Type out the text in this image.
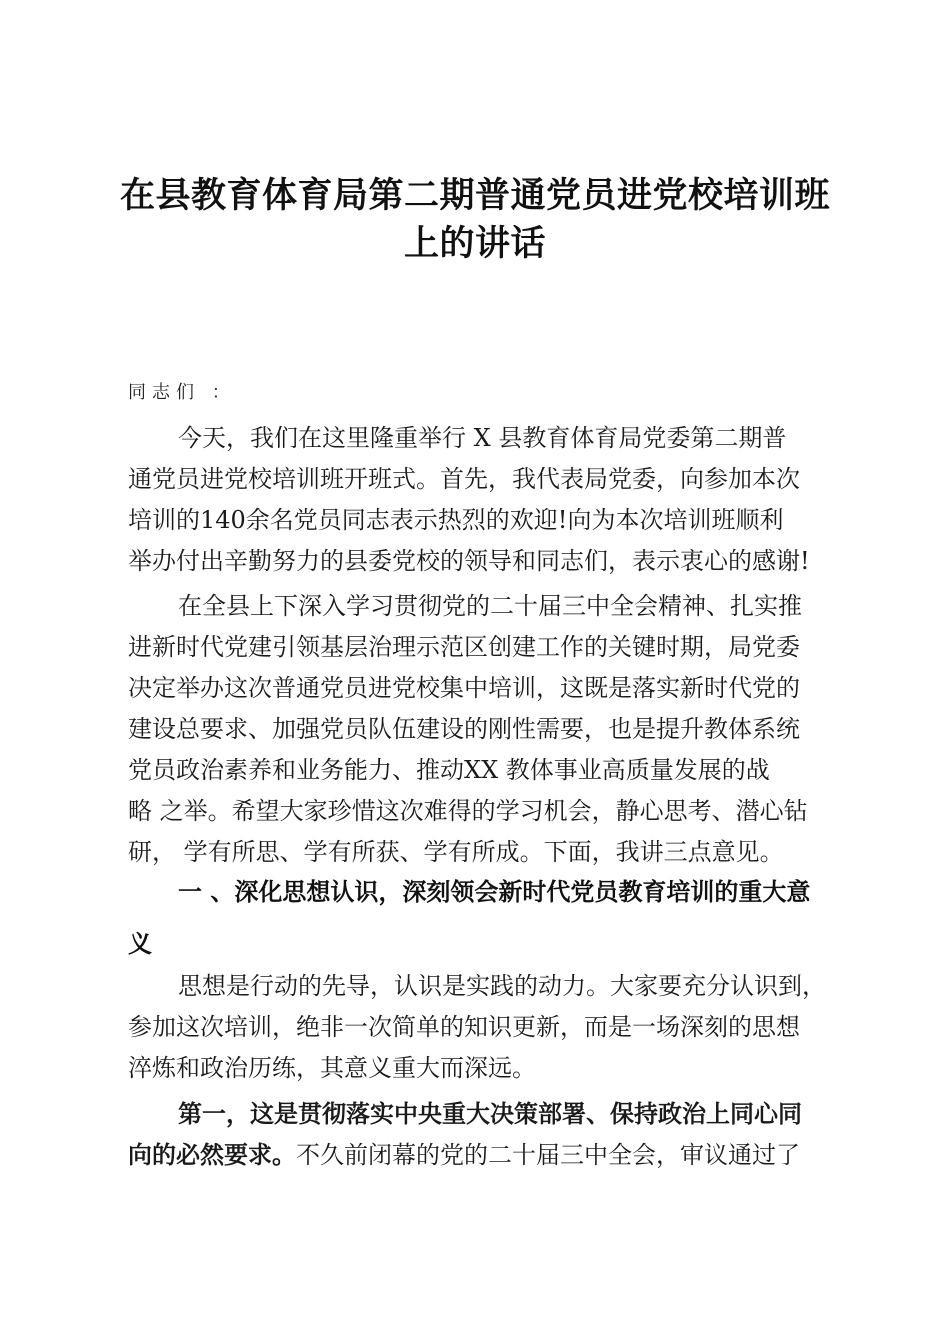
在县教育体育局第二期普通党员进党校培训班
上的讲话
同志们 ：
今天，我们在这里隆重举行 X 县教育体育局党委第二期普
通党员进党校培训班开班式。首先，我代表局党委，向参加本次
培训的140余名党员同志表示热烈的欢迎!向为本次培训班顺利
举办付出辛勤努力的县委党校的领导和同志们，表示衷心的感谢!
在全县上下深入学习贯彻党的二十届三中全会精神、扎实推
进新时代党建引领基层治理示范区创建工作的关键时期，局党委
决定举办这次普通党员进党校集中培训，这既是落实新时代党的
建设总要求、加强党员队伍建设的刚性需要，也是提升教体系统
党员政治素养和业务能力、推动XX 教体事业高质量发展的战
略 之举。希望大家珍惜这次难得的学习机会，静心思考、潜心钻
研， 学有所思、学有所获、学有所成。下面，我讲三点意见。
一 、深化思想认识，深刻领会新时代党员教育培训的重大意
义
思想是行动的先导，认识是实践的动力。大家要充分认识到，
参加这次培训，绝非一次简单的知识更新，而是一场深刻的思想
淬炼和政治历练，其意义重大而深远。
第一，这是贯彻落实中央重大决策部署、保持政治上同心同
向的必然要求。不久前闭幕的党的二十届三中全会，审议通过了
